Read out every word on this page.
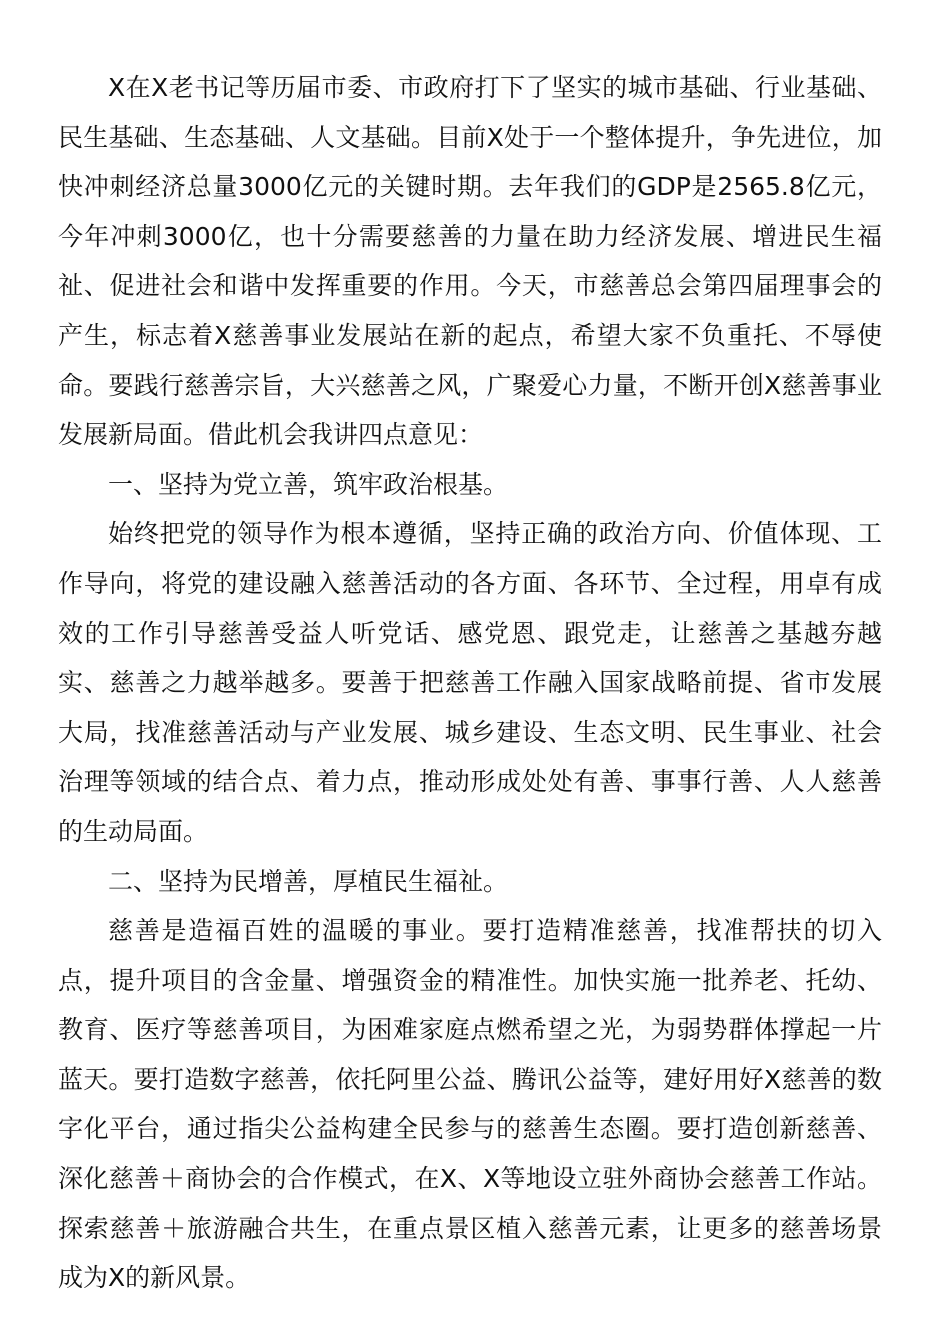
X在X老书记等历届市委、市政府打下了坚实的城市基础、行业基础、民生基础、生态基础、人文基础。目前X处于一个整体提升，争先进位，加快冲刺经济总量3000亿元的关键时期。去年我们的GDP是2565.8亿元，今年冲刺3000亿，也十分需要慈善的力量在助力经济发展、增进民生福祉、促进社会和谐中发挥重要的作用。今天，市慈善总会第四届理事会的产生，标志着X慈善事业发展站在新的起点，希望大家不负重托、不辱使命。要践行慈善宗旨，大兴慈善之风，广聚爱心力量，不断开创X慈善事业发展新局面。借此机会我讲四点意见：

一、坚持为党立善，筑牢政治根基。

始终把党的领导作为根本遵循，坚持正确的政治方向、价值体现、工作导向，将党的建设融入慈善活动的各方面、各环节、全过程，用卓有成效的工作引导慈善受益人听党话、感党恩、跟党走，让慈善之基越夯越实、慈善之力越举越多。要善于把慈善工作融入国家战略前提、省市发展大局，找准慈善活动与产业发展、城乡建设、生态文明、民生事业、社会治理等领域的结合点、着力点，推动形成处处有善、事事行善、人人慈善的生动局面。

二、坚持为民增善，厚植民生福祉。

慈善是造福百姓的温暖的事业。要打造精准慈善，找准帮扶的切入点，提升项目的含金量、增强资金的精准性。加快实施一批养老、托幼、教育、医疗等慈善项目，为困难家庭点燃希望之光，为弱势群体撑起一片蓝天。要打造数字慈善，依托阿里公益、腾讯公益等，建好用好X慈善的数字化平台，通过指尖公益构建全民参与的慈善生态圈。要打造创新慈善、深化慈善＋商协会的合作模式，在X、X等地设立驻外商协会慈善工作站。探索慈善＋旅游融合共生，在重点景区植入慈善元素，让更多的慈善场景成为X的新风景。
